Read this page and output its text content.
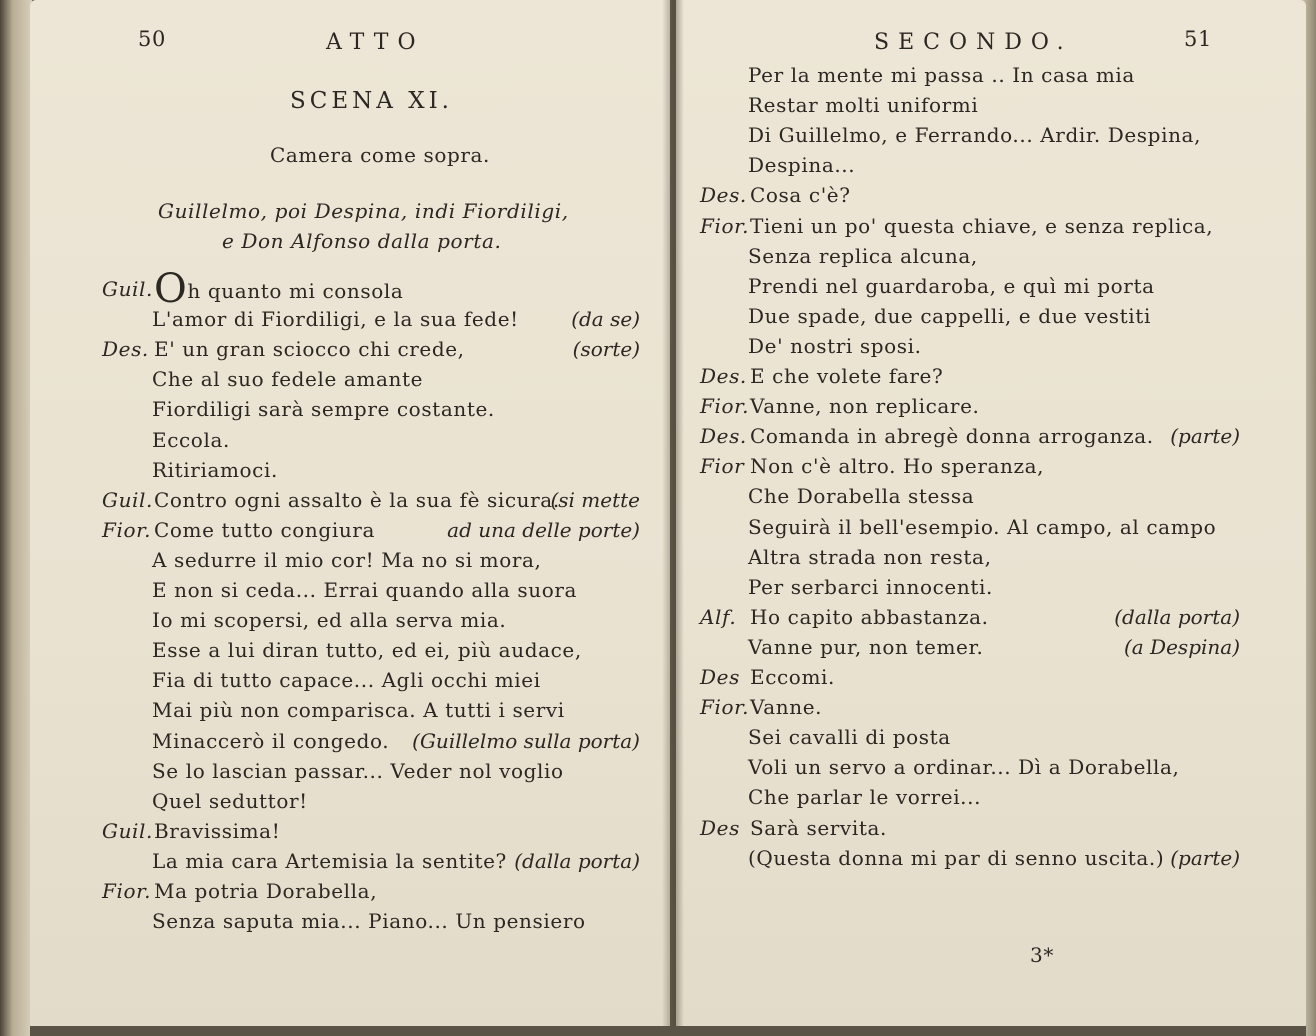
50	ATTO
SCENA XI.
Camera come sopra.
Guillelmo, poi Despina, indi Fiordiligi,
e Don Alfonso dalla porta.
Guil. Oh quanto mi consola
L'amor di Fiordiligi, e la sua fede!	(da se)
Des. E' un gran sciocco chi crede,	(sorte)
Che al suo fedele amante
Fiordiligi sarà sempre costante.
Eccola.
Ritiriamoci.
Guil. Contro ogni assalto è la sua fè sicura.
(si mette
Fior. Come tutto congiura	ad una delle porte)
A sedurre il mio cor! Ma no si mora,
E non si ceda... Errai quando alla suora
Io mi scopersi, ed alla serva mia.
Esse a lui diran tutto, ed ei, più audace,
Fia di tutto capace... Agli occhi miei
Mai più non comparisca. A tutti i servi
Minaccerò il congedo. (Guillelmo sulla porta)
Se lo lascian passar... Veder nol voglio
Quel seduttor!
Guil. Bravissima!
La mia cara Artemisia la sentite? (dalla porta)
Fior. Ma potria Dorabella,
Senza saputa mia... Piano... Un pensiero
SECONDO.	51
Per la mente mi passa .. In casa mia
Restar molti uniformi
Di Guillelmo, e Ferrando... Ardir. Despina,
Despina...
Des. Cosa c'è?
Fior. Tieni un po' questa chiave, e senza replica,
Senza replica alcuna,
Prendi nel guardaroba, e quì mi porta
Due spade, due cappelli, e due vestiti
De' nostri sposi.
Des. E che volete fare?
Fior. Vanne, non replicare.
Des. Comanda in abregè donna arroganza. (parte)
Fior Non c'è altro. Ho speranza,
Che Dorabella stessa
Seguirà il bell'esempio. Al campo, al campo
Altra strada non resta,
Per serbarci innocenti.
Alf. Ho capito abbastanza.	(dalla porta)
Vanne pur, non temer.	(a Despina)
Des Eccomi.
Fior. Vanne.
Sei cavalli di posta
Voli un servo a ordinar... Dì a Dorabella,
Che parlar le vorrei...
Des Sarà servita.
(Questa donna mi par di senno uscita.) (parte)
3*
